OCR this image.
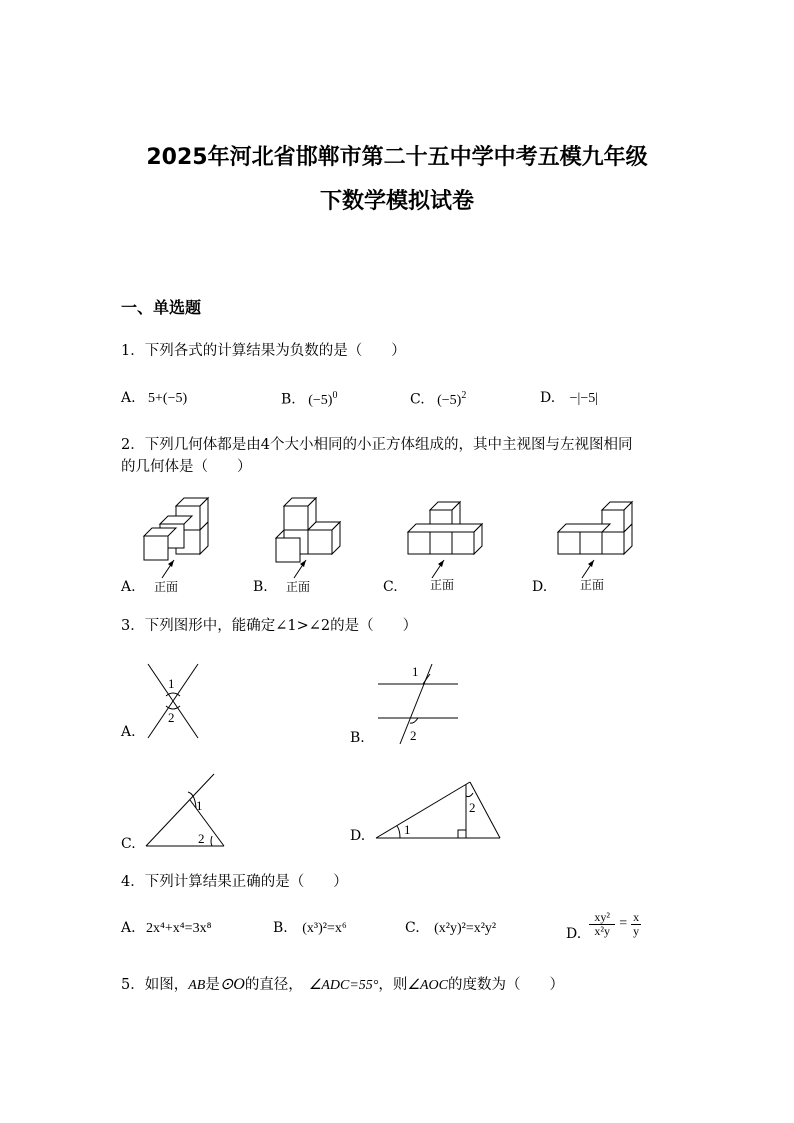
2025年河北省邯郸市第二十五中学中考五模九年级
下数学模拟试卷
一、单选题
1．下列各式的计算结果为负数的是（　　）
A. 5+(−5)	B. $(-5)^0$	C. $(-5)^2$	D. −|−5|
2．下列几何体都是由4个大小相同的小正方体组成的，其中主视图与左视图相同
的几何体是（　　）
A.	B.	C.	D.
正面	正面	正面	正面
3．下列图形中，能确定∠1>∠2的是（　　）
1
2
A.
1
2
B.
1
2
C.
1
2
D.
4．下列计算结果正确的是（　　）
A. 2x⁴+x⁴=3x⁸	B. (x³)²=x⁶	C. (x²y)²=x²y²	D.
xy²
x²y = x
y
5．如图，AB是⊙O的直径， ∠ADC=55°，则∠AOC的度数为（　　）
